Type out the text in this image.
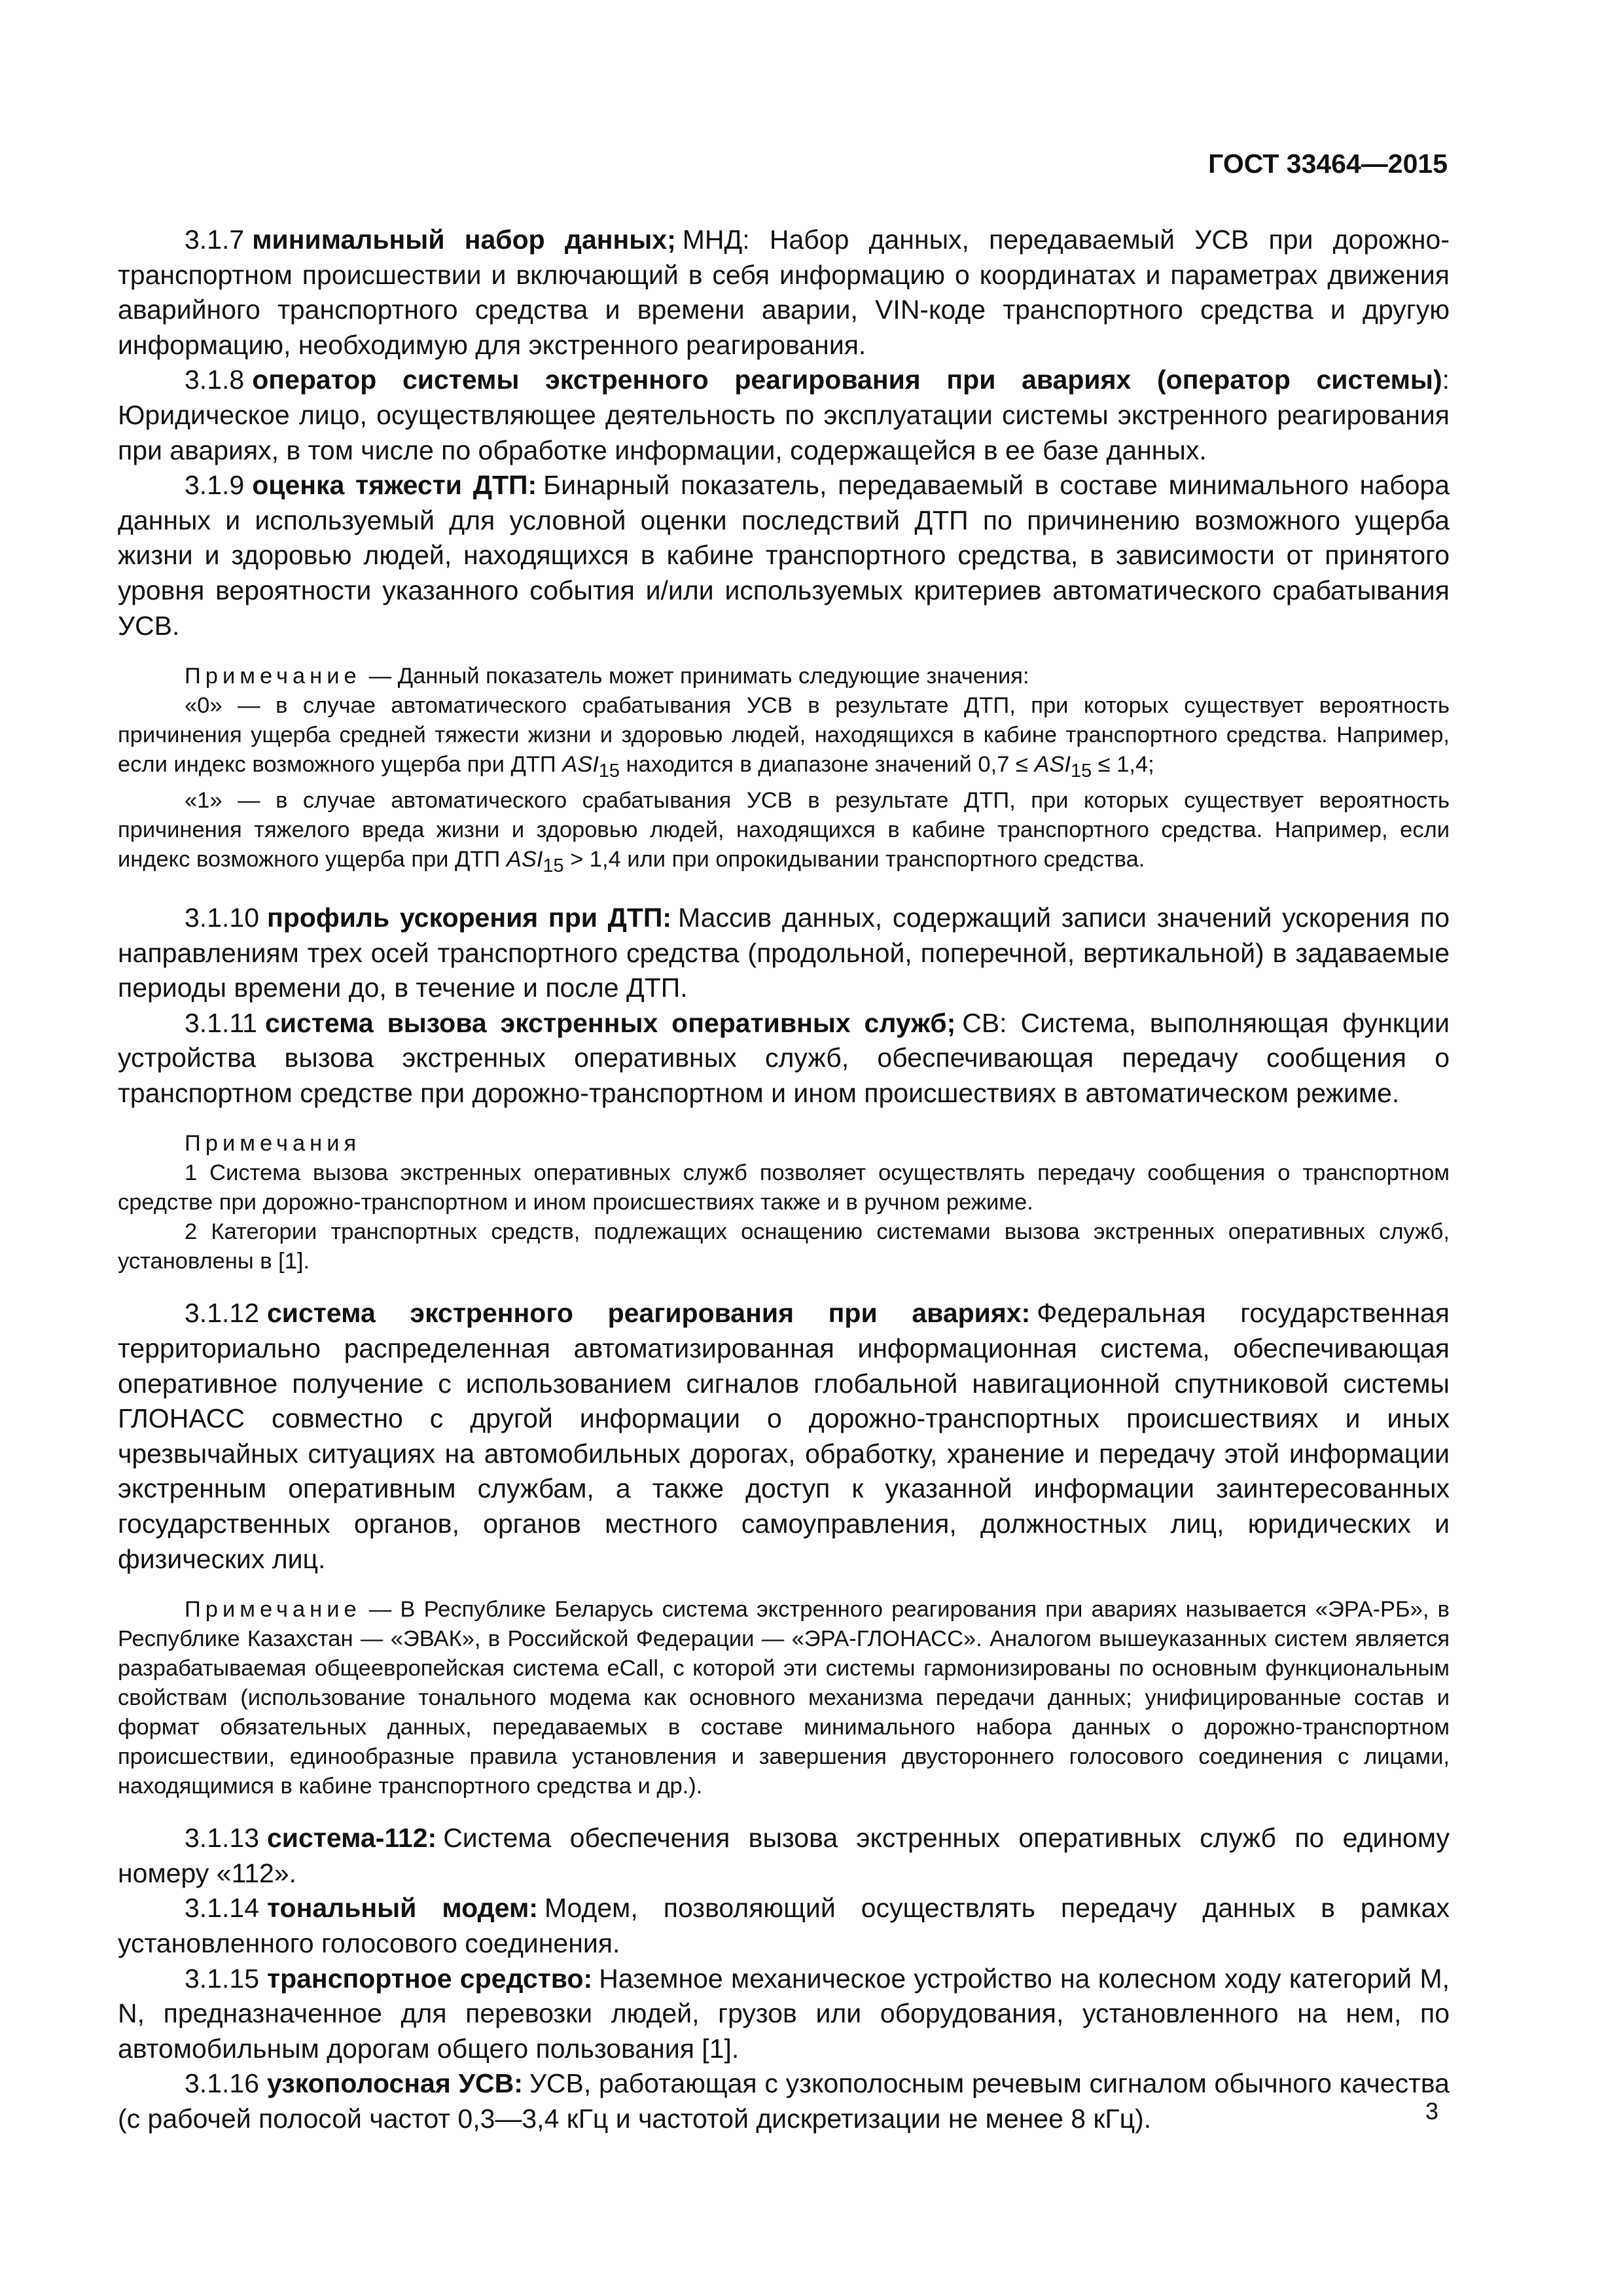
ГОСТ 33464—2015

3.1.7 минимальный набор данных; МНД: Набор данных, передаваемый УСВ при дорожно-транспортном происшествии и включающий в себя информацию о координатах и параметрах движения аварийного транспортного средства и времени аварии, VIN-коде транспортного средства и другую информацию, необходимую для экстренного реагирования.

3.1.8 оператор системы экстренного реагирования при авариях (оператор системы): Юридическое лицо, осуществляющее деятельность по эксплуатации системы экстренного реагирования при авариях, в том числе по обработке информации, содержащейся в ее базе данных.

3.1.9 оценка тяжести ДТП: Бинарный показатель, передаваемый в составе минимального набора данных и используемый для условной оценки последствий ДТП по причинению возможного ущерба жизни и здоровью людей, находящихся в кабине транспортного средства, в зависимости от принятого уровня вероятности указанного события и/или используемых критериев автоматического срабатывания УСВ.

Примечание — Данный показатель может принимать следующие значения:

«0» — в случае автоматического срабатывания УСВ в результате ДТП, при которых существует вероятность причинения ущерба средней тяжести жизни и здоровью людей, находящихся в кабине транспортного средства. Например, если индекс возможного ущерба при ДТП $ASI_{15}$ находится в диапазоне значений $0,7 \le ASI_{15} \le 1,4$;

«1» — в случае автоматического срабатывания УСВ в результате ДТП, при которых существует вероятность причинения тяжелого вреда жизни и здоровью людей, находящихся в кабине транспортного средства. Например, если индекс возможного ущерба при ДТП $ASI_{15} > 1,4$ или при опрокидывании транспортного средства.

3.1.10 профиль ускорения при ДТП: Массив данных, содержащий записи значений ускорения по направлениям трех осей транспортного средства (продольной, поперечной, вертикальной) в задаваемые периоды времени до, в течение и после ДТП.

3.1.11 система вызова экстренных оперативных служб; СВ: Система, выполняющая функции устройства вызова экстренных оперативных служб, обеспечивающая передачу сообщения о транспортном средстве при дорожно-транспортном и ином происшествиях в автоматическом режиме.

Примечания

1 Система вызова экстренных оперативных служб позволяет осуществлять передачу сообщения о транспортном средстве при дорожно-транспортном и ином происшествиях также и в ручном режиме.

2 Категории транспортных средств, подлежащих оснащению системами вызова экстренных оперативных служб, установлены в [1].

3.1.12 система экстренного реагирования при авариях: Федеральная государственная территориально распределенная автоматизированная информационная система, обеспечивающая оперативное получение с использованием сигналов глобальной навигационной спутниковой системы ГЛОНАСС совместно с другой информации о дорожно-транспортных происшествиях и иных чрезвычайных ситуациях на автомобильных дорогах, обработку, хранение и передачу этой информации экстренным оперативным службам, а также доступ к указанной информации заинтересованных государственных органов, органов местного самоуправления, должностных лиц, юридических и физических лиц.

Примечание — В Республике Беларусь система экстренного реагирования при авариях называется «ЭРА-РБ», в Республике Казахстан — «ЭВАК», в Российской Федерации — «ЭРА-ГЛОНАСС». Аналогом вышеуказанных систем является разрабатываемая общеевропейская система eCall, с которой эти системы гармонизированы по основным функциональным свойствам (использование тонального модема как основного механизма передачи данных; унифицированные состав и формат обязательных данных, передаваемых в составе минимального набора данных о дорожно-транспортном происшествии, единообразные правила установления и завершения двустороннего голосового соединения с лицами, находящимися в кабине транспортного средства и др.).

3.1.13 система-112: Система обеспечения вызова экстренных оперативных служб по единому номеру «112».

3.1.14 тональный модем: Модем, позволяющий осуществлять передачу данных в рамках установленного голосового соединения.

3.1.15 транспортное средство: Наземное механическое устройство на колесном ходу категорий M, N, предназначенное для перевозки людей, грузов или оборудования, установленного на нем, по автомобильным дорогам общего пользования [1].

3.1.16 узкополосная УСВ: УСВ, работающая с узкополосным речевым сигналом обычного качества (с рабочей полосой частот 0,3—3,4 кГц и частотой дискретизации не менее 8 кГц).	3
